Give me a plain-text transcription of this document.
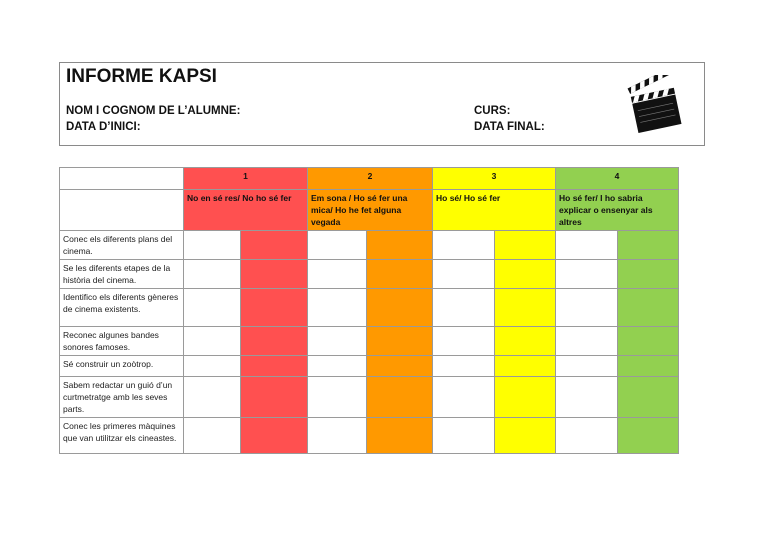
INFORME KAPSI
NOM I COGNOM DE L’ALUMNE:
DATA D’INICI:
CURS:
DATA FINAL:
	1		2		3		4	
	No en sé res/ No ho sé fer		Em sona / Ho sé fer una mica/ Ho he fet alguna vegada		Ho sé/ Ho sé fer		Ho sé fer/ I ho sabria explicar o ensenyar als altres	
Conec els diferents plans del cinema.								
Se les diferents etapes de la història del cinema.								
Identifico els diferents gèneres de cinema existents.								
Reconec algunes bandes sonores famoses.								
Sé construir un zoòtrop.								
Sabem redactar un guió d’un curtmetratge amb les seves parts.								
Conec les primeres màquines que van utilitzar els cineastes.								
